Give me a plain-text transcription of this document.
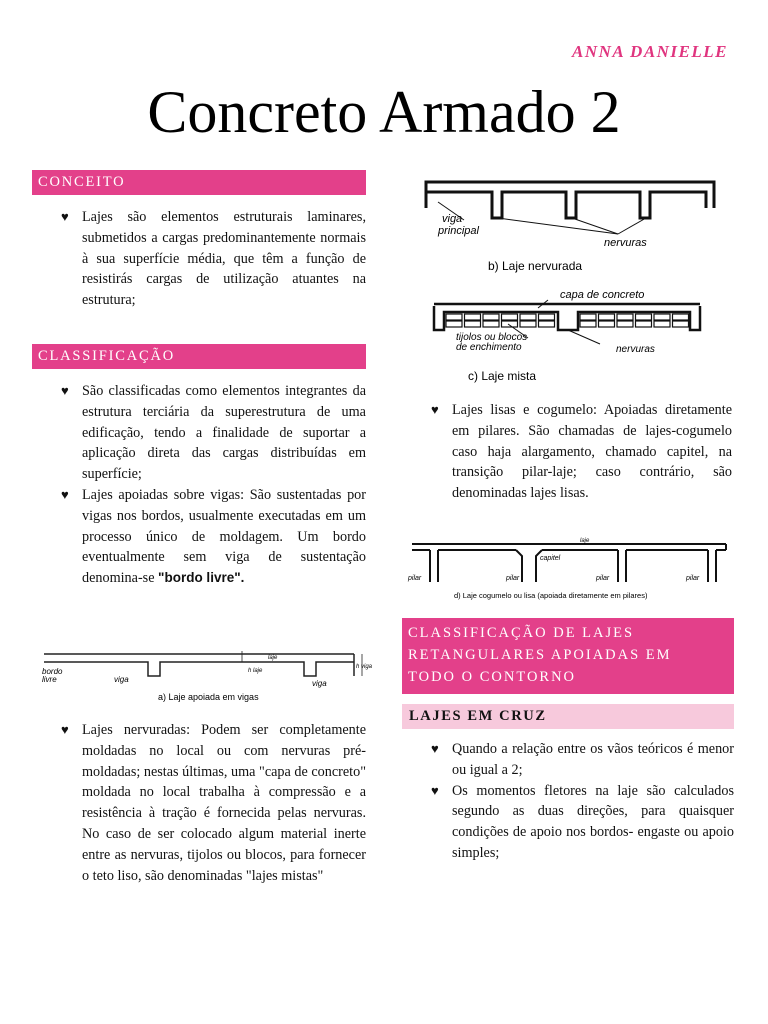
ANNA DANIELLE
Concreto Armado 2
CONCEITO
♥ Lajes são elementos estruturais laminares, submetidos a cargas predominantemente normais à sua superfície média, que têm a função de resistirás cargas de utilização atuantes na estrutura;
CLASSIFICAÇÃO
♥ São classificadas como elementos integrantes da estrutura terciária da superestrutura de uma edificação, tendo a finalidade de suportar a aplicação direta das cargas distribuídas em superfície;
♥ Lajes apoiadas sobre vigas: São sustentadas por vigas nos bordos, usualmente executadas em um processo único de moldagem. Um bordo eventualmente sem viga de sustentação denomina-se "bordo livre".
bordo
livre	viga
laje
h laje
viga
h viga
a) Laje apoiada em vigas
♥ Lajes nervuradas: Podem ser completamente moldadas no local ou com nervuras pré-moldadas; nestas últimas, uma "capa de concreto" moldada no local trabalha à compressão e a resistência à tração é fornecida pelas nervuras. No caso de ser colocado algum material inerte entre as nervuras, tijolos ou blocos, para fornecer o teto liso, são denominadas "lajes mistas"
viga
principal
nervuras
b) Laje nervurada
capa de concreto
tijolos ou blocos
de enchimento	nervuras
c) Laje mista
♥ Lajes lisas e cogumelo: Apoiadas diretamente em pilares. São chamadas de lajes-cogumelo caso haja alargamento, chamado capitel, na transição pilar-laje; caso contrário, são denominadas lajes lisas.
laje
capitel
pilar	pilar	pilar	pilar
d) Laje cogumelo ou lisa (apoiada diretamente em pilares)
CLASSIFICAÇÃO DE LAJES
RETANGULARES APOIADAS EM
TODO O CONTORNO
LAJES EM CRUZ
♥ Quando a relação entre os vãos teóricos é menor ou igual a 2;
♥ Os momentos fletores na laje são calculados segundo as duas direções, para quaisquer condições de apoio nos bordos- engaste ou apoio simples;
